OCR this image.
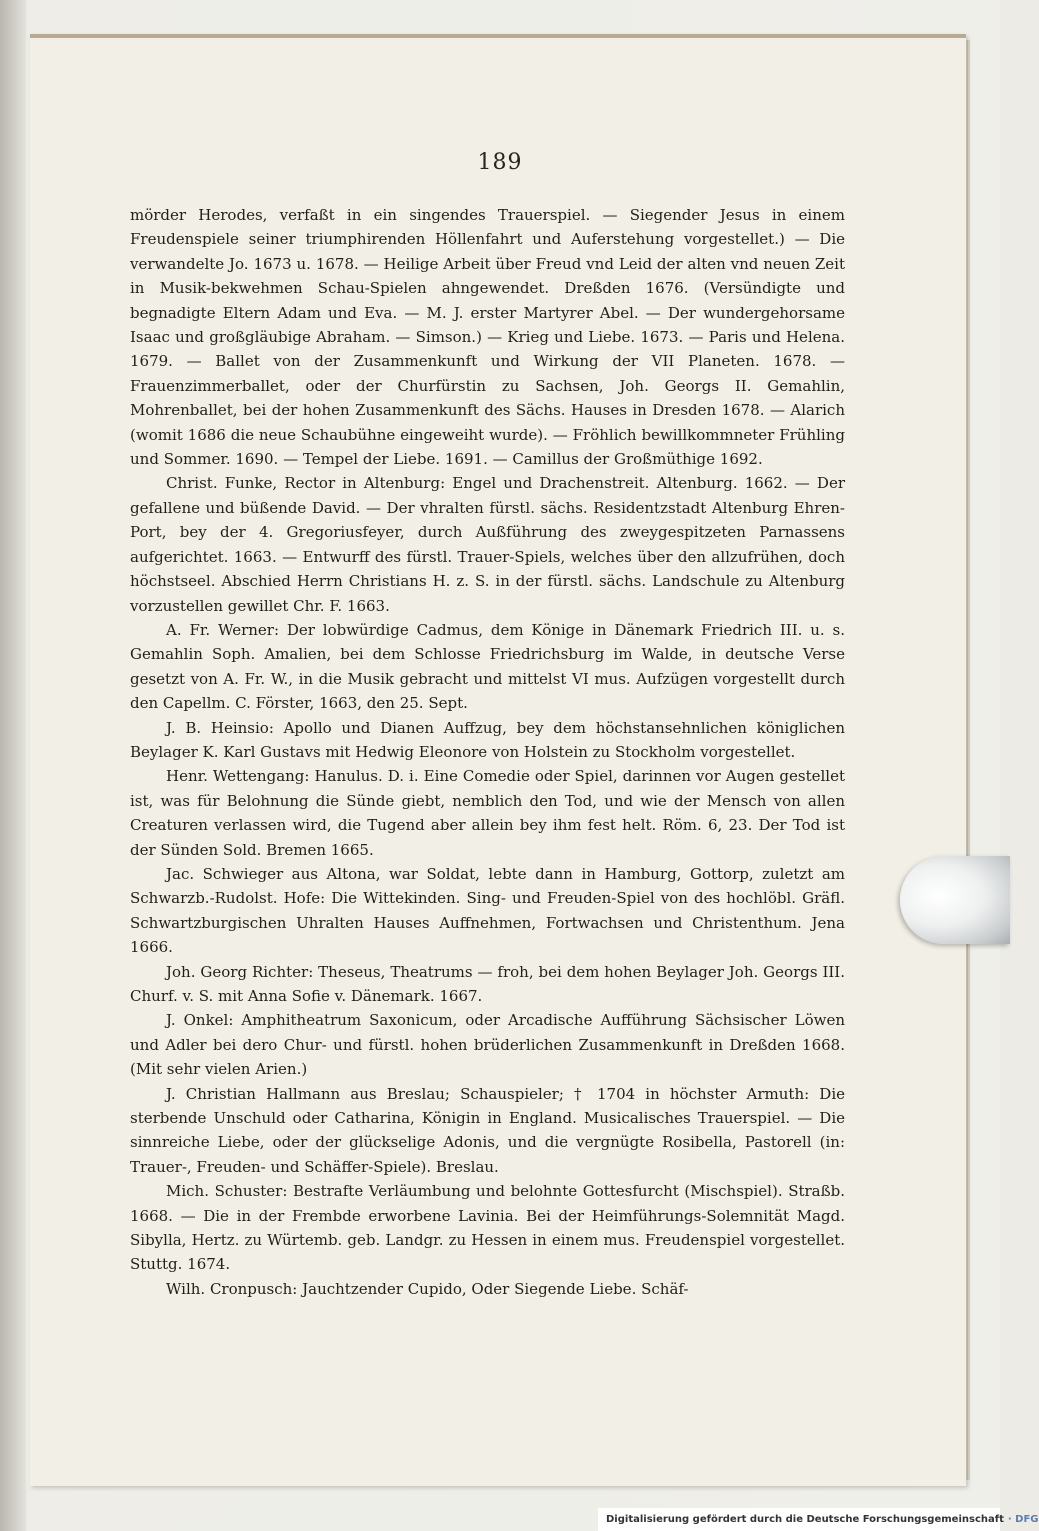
189

mörder Herodes, verfaßt in ein singendes Trauerspiel. — Siegender Jesus in einem Freudenspiele seiner triumphirenden Höllenfahrt und Auferstehung vorgestellet.) — Die verwandelte Jo. 1673 u. 1678. — Heilige Arbeit über Freud vnd Leid der alten vnd neuen Zeit in Musik-bekwehmen Schau-Spielen ahngewendet. Dreßden 1676. (Versündigte und begnadigte Eltern Adam und Eva. — M. J. erster Martyrer Abel. — Der wundergehorsame Isaac und großgläubige Abraham. — Simson.) — Krieg und Liebe. 1673. — Paris und Helena. 1679. — Ballet von der Zusammenkunft und Wirkung der VII Planeten. 1678. — Frauenzimmerballet, oder der Churfürstin zu Sachsen, Joh. Georgs II. Gemahlin, Mohrenballet, bei der hohen Zusammenkunft des Sächs. Hauses in Dresden 1678. — Alarich (womit 1686 die neue Schaubühne eingeweiht wurde). — Fröhlich bewillkommneter Frühling und Sommer. 1690. — Tempel der Liebe. 1691. — Camillus der Großmüthige 1692.

Christ. Funke, Rector in Altenburg: Engel und Drachenstreit. Altenburg. 1662. — Der gefallene und büßende David. — Der vhralten fürstl. sächs. Residentzstadt Altenburg Ehren-Port, bey der 4. Gregoriusfeyer, durch Außführung des zweygespitzeten Parnassens aufgerichtet. 1663. — Entwurff des fürstl. Trauer-Spiels, welches über den allzufrühen, doch höchstseel. Abschied Herrn Christians H. z. S. in der fürstl. sächs. Landschule zu Altenburg vorzustellen gewillet Chr. F. 1663.

A. Fr. Werner: Der lobwürdige Cadmus, dem Könige in Dänemark Friedrich III. u. s. Gemahlin Soph. Amalien, bei dem Schlosse Friedrichsburg im Walde, in deutsche Verse gesetzt von A. Fr. W., in die Musik gebracht und mittelst VI mus. Aufzügen vorgestellt durch den Capellm. C. Förster, 1663, den 25. Sept.

J. B. Heinsio: Apollo und Dianen Auffzug, bey dem höchstansehnlichen königlichen Beylager K. Karl Gustavs mit Hedwig Eleonore von Holstein zu Stockholm vorgestellet.

Henr. Wettengang: Hanulus. D. i. Eine Comedie oder Spiel, darinnen vor Augen gestellet ist, was für Belohnung die Sünde giebt, nemblich den Tod, und wie der Mensch von allen Creaturen verlassen wird, die Tugend aber allein bey ihm fest helt. Röm. 6, 23. Der Tod ist der Sünden Sold. Bremen 1665.

Jac. Schwieger aus Altona, war Soldat, lebte dann in Hamburg, Gottorp, zuletzt am Schwarzb.-Rudolst. Hofe: Die Wittekinden. Sing- und Freuden-Spiel von des hochlöbl. Gräfl. Schwartzburgischen Uhralten Hauses Auffnehmen, Fortwachsen und Christenthum. Jena 1666.

Joh. Georg Richter: Theseus, Theatrums — froh, bei dem hohen Beylager Joh. Georgs III. Churf. v. S. mit Anna Sofie v. Dänemark. 1667.

J. Onkel: Amphitheatrum Saxonicum, oder Arcadische Aufführung Sächsischer Löwen und Adler bei dero Chur- und fürstl. hohen brüderlichen Zusammenkunft in Dreßden 1668. (Mit sehr vielen Arien.)

J. Christian Hallmann aus Breslau; Schauspieler; † 1704 in höchster Armuth: Die sterbende Unschuld oder Catharina, Königin in England. Musicalisches Trauerspiel. — Die sinnreiche Liebe, oder der glückselige Adonis, und die vergnügte Rosibella, Pastorell (in: Trauer-, Freuden- und Schäffer-Spiele). Breslau.

Mich. Schuster: Bestrafte Verläumbung und belohnte Gottesfurcht (Mischspiel). Straßb. 1668. — Die in der Frembde erworbene Lavinia. Bei der Heimführungs-Solemnität Magd. Sibylla, Hertz. zu Würtemb. geb. Landgr. zu Hessen in einem mus. Freudenspiel vorgestellet. Stuttg. 1674.

Wilh. Cronpusch: Jauchtzender Cupido, Oder Siegende Liebe. Schäf-

Digitalisierung gefördert durch die Deutsche Forschungsgemeinschaft · DFG
